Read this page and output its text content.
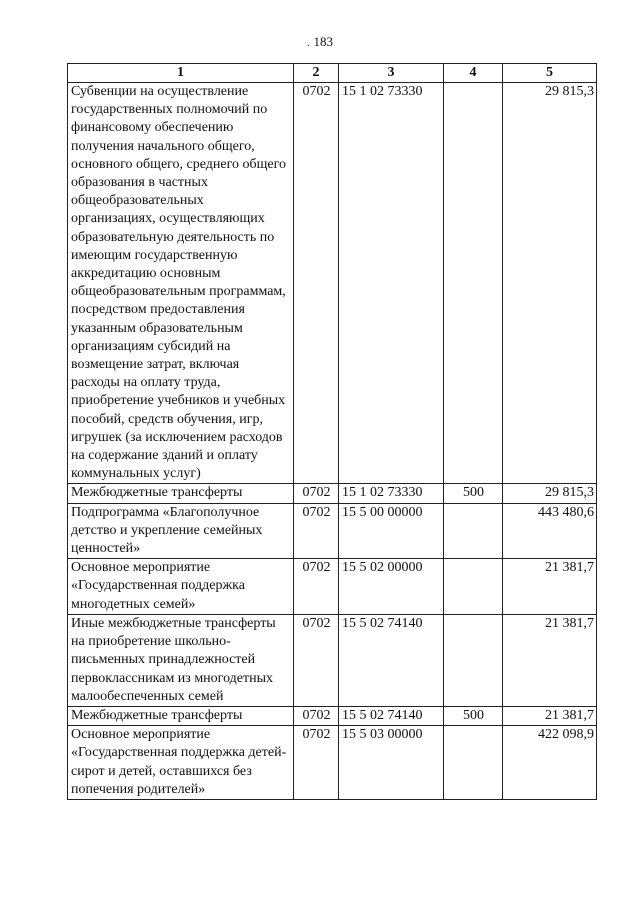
. 183
1	2	3	4	5
Субвенции на осуществление государственных полномочий по финансовому обеспечению получения начального общего, основного общего, среднего общего образования в частных общеобразовательных организациях, осуществляющих образовательную деятельность по имеющим государственную аккредитацию основным общеобразовательным программам, посредством предоставления указанным образовательным организациям субсидий на возмещение затрат, включая расходы на оплату труда, приобретение учебников и учебных пособий, средств обучения, игр, игрушек (за исключением расходов на содержание зданий и оплату коммунальных услуг)	0702	15 1 02 73330		29 815,3
Межбюджетные трансферты	0702	15 1 02 73330	500	29 815,3
Подпрограмма «Благополучное детство и укрепление семейных ценностей»	0702	15 5 00 00000		443 480,6
Основное мероприятие «Государственная поддержка многодетных семей»	0702	15 5 02 00000		21 381,7
Иные межбюджетные трансферты на приобретение школьно-письменных принадлежностей первоклассникам из многодетных малообеспеченных семей	0702	15 5 02 74140		21 381,7
Межбюджетные трансферты	0702	15 5 02 74140	500	21 381,7
Основное мероприятие «Государственная поддержка детей-сирот и детей, оставшихся без попечения родителей»	0702	15 5 03 00000		422 098,9
